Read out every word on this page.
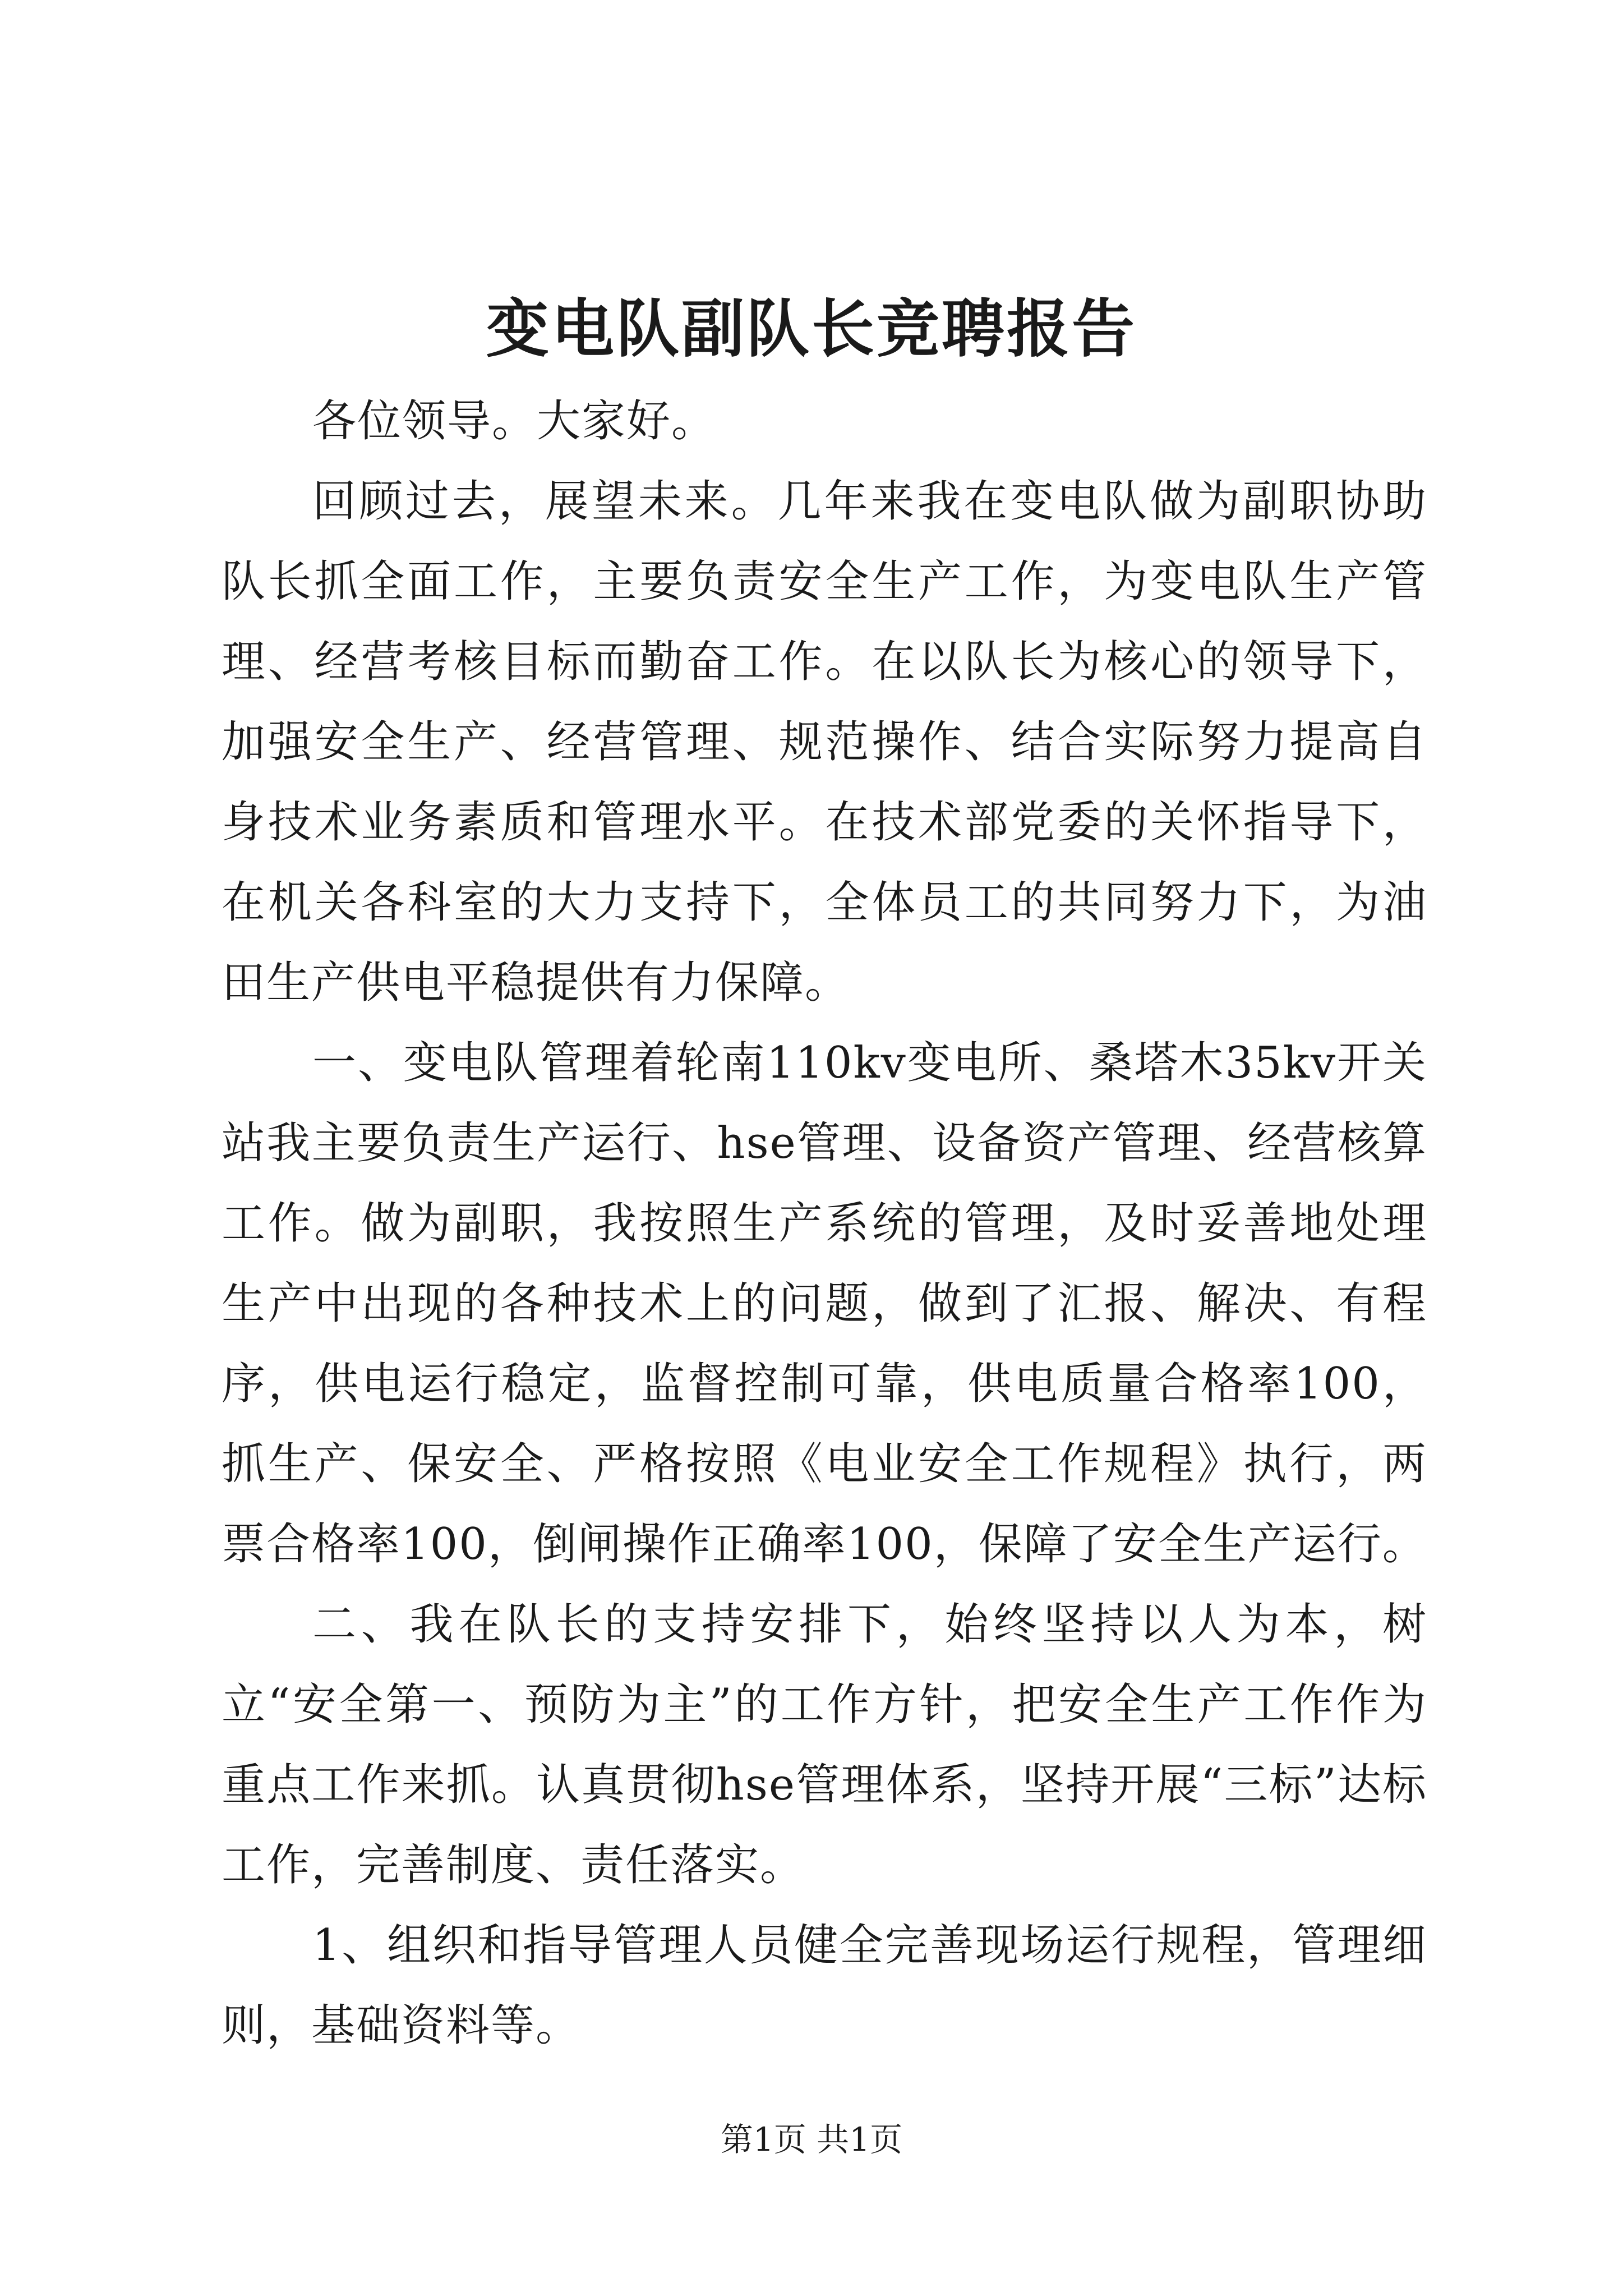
变电队副队长竞聘报告

各位领导。大家好。

回顾过去，展望未来。几年来我在变电队做为副职协助队长抓全面工作，主要负责安全生产工作，为变电队生产管理、经营考核目标而勤奋工作。在以队长为核心的领导下，加强安全生产、经营管理、规范操作、结合实际努力提高自身技术业务素质和管理水平。在技术部党委的关怀指导下，在机关各科室的大力支持下，全体员工的共同努力下，为油田生产供电平稳提供有力保障。

一、变电队管理着轮南110kv变电所、桑塔木35kv开关站我主要负责生产运行、hse管理、设备资产管理、经营核算工作。做为副职，我按照生产系统的管理，及时妥善地处理生产中出现的各种技术上的问题，做到了汇报、解决、有程序，供电运行稳定，监督控制可靠，供电质量合格率100，抓生产、保安全、严格按照《电业安全工作规程》执行，两票合格率100，倒闸操作正确率100，保障了安全生产运行。

二、我在队长的支持安排下，始终坚持以人为本，树立“安全第一、预防为主”的工作方针，把安全生产工作作为重点工作来抓。认真贯彻hse管理体系，坚持开展“三标”达标工作，完善制度、责任落实。

1、组织和指导管理人员健全完善现场运行规程，管理细则，基础资料等。

第1页 共1页
